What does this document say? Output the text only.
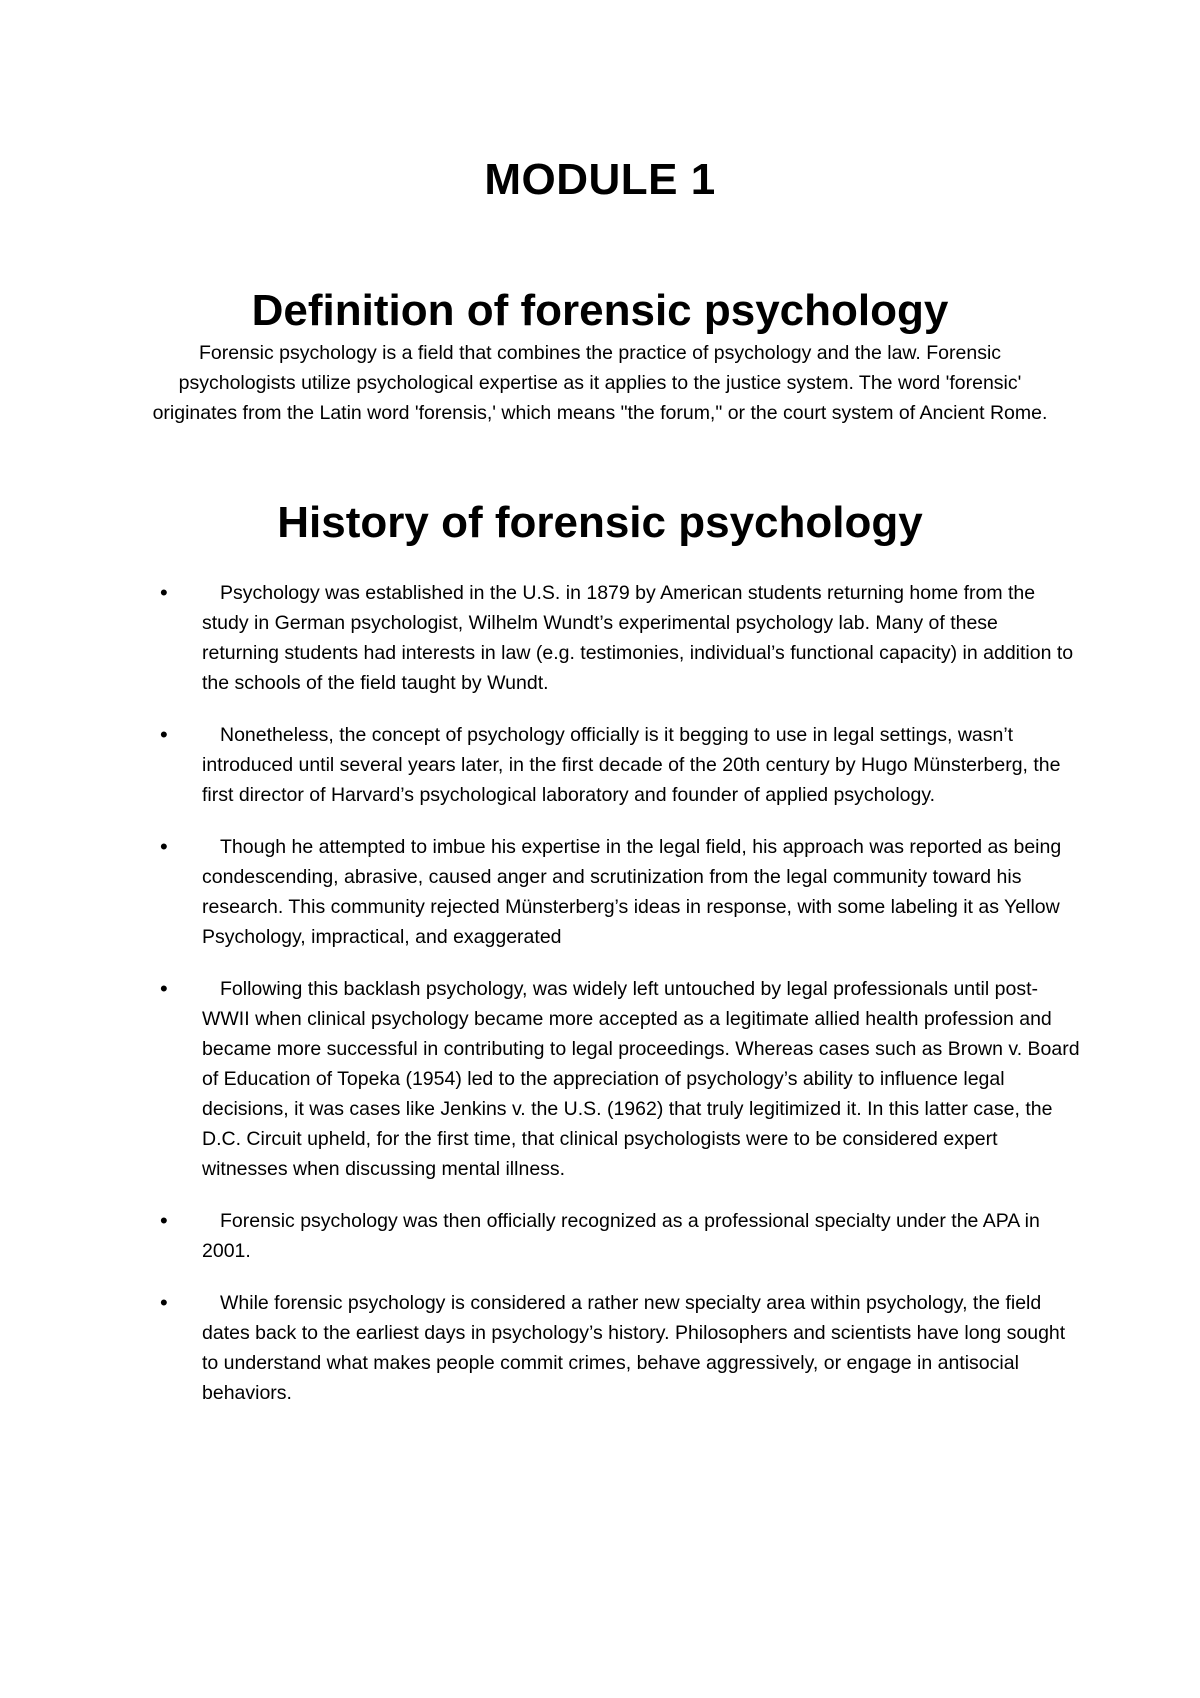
MODULE 1
Definition of forensic psychology
Forensic psychology is a field that combines the practice of psychology and the law. Forensic psychologists utilize psychological expertise as it applies to the justice system. The word 'forensic' originates from the Latin word 'forensis,' which means "the forum," or the court system of Ancient Rome.
History of forensic psychology
•	Psychology was established in the U.S. in 1879 by American students returning home from the study in German psychologist, Wilhelm Wundt’s experimental psychology lab. Many of these returning students had interests in law (e.g. testimonies, individual’s functional capacity) in addition to the schools of the field taught by Wundt.
•	Nonetheless, the concept of psychology officially is it begging to use in legal settings, wasn’t introduced until several years later, in the first decade of the 20th century by Hugo Münsterberg, the first director of Harvard’s psychological laboratory and founder of applied psychology.
•	Though he attempted to imbue his expertise in the legal field, his approach was reported as being condescending, abrasive, caused anger and scrutinization from the legal community toward his research. This community rejected Münsterberg’s ideas in response, with some labeling it as Yellow Psychology, impractical, and exaggerated
•	Following this backlash psychology, was widely left untouched by legal professionals until post-WWII when clinical psychology became more accepted as a legitimate allied health profession and became more successful in contributing to legal proceedings. Whereas cases such as Brown v. Board of Education of Topeka (1954) led to the appreciation of psychology’s ability to influence legal decisions, it was cases like Jenkins v. the U.S. (1962) that truly legitimized it. In this latter case, the D.C. Circuit upheld, for the first time, that clinical psychologists were to be considered expert witnesses when discussing mental illness.
•	Forensic psychology was then officially recognized as a professional specialty under the APA in 2001.
•	While forensic psychology is considered a rather new specialty area within psychology, the field dates back to the earliest days in psychology’s history. Philosophers and scientists have long sought to understand what makes people commit crimes, behave aggressively, or engage in antisocial behaviors.
